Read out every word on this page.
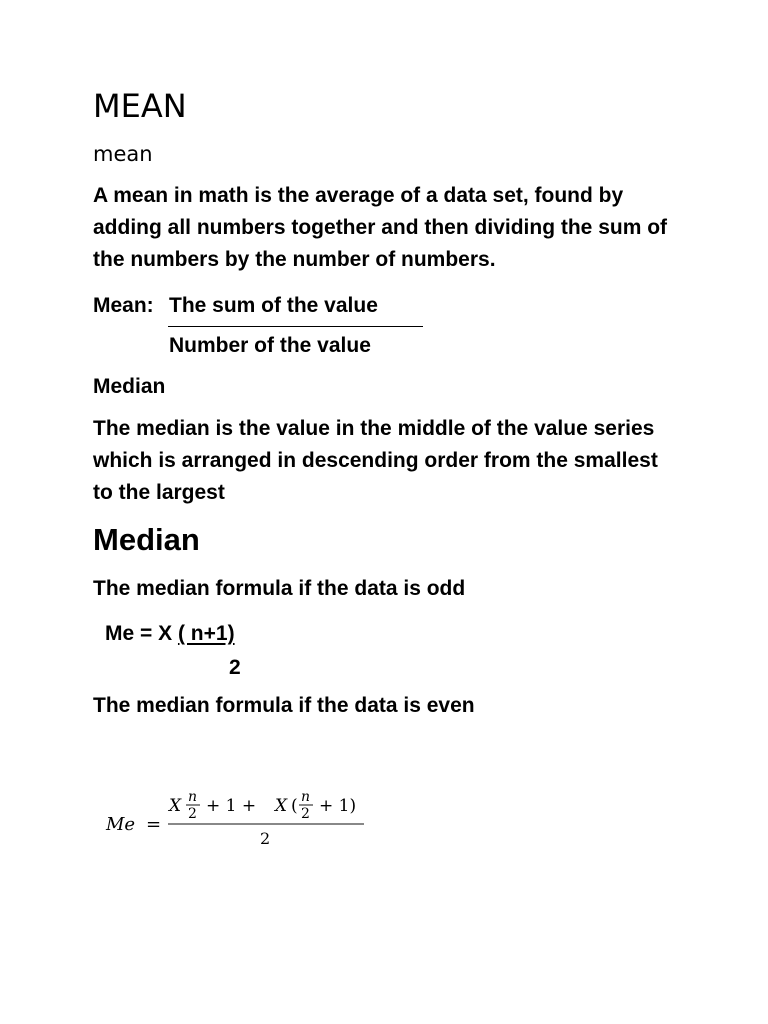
MEAN
mean
A mean in math is the average of a data set, found by adding all numbers together and then dividing the sum of the numbers by the number of numbers.
Mean: The sum of the value
Number of the value
Median
The median is the value in the middle of the value series which is arranged in descending order from the smallest to the largest
Median
The median formula if the data is odd
Me = X ( n+1)
2
The median formula if the data is even
Me =
X n
2 + 1 + X ( n
2 + 1)
2
